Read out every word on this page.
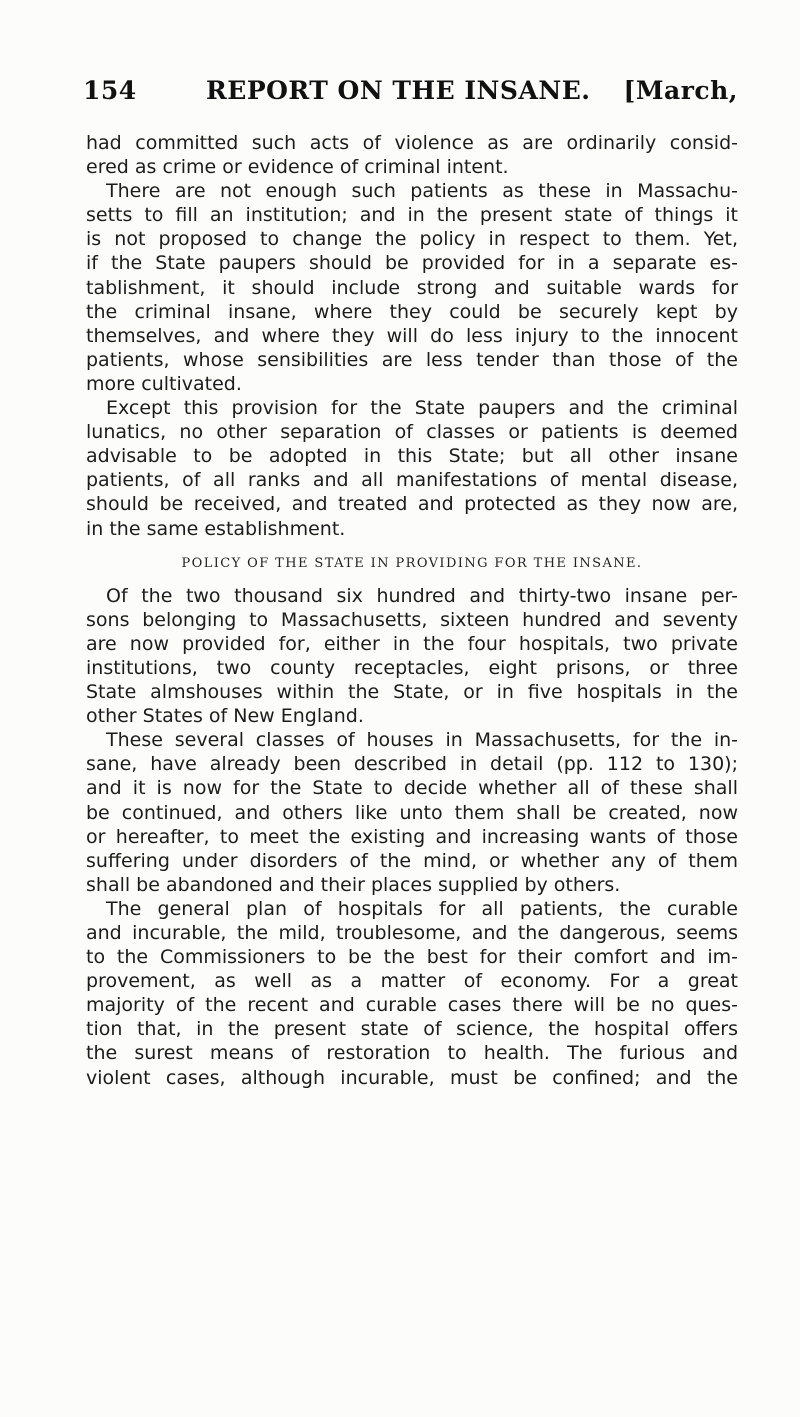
154	REPORT ON THE INSANE. [March,

had committed such acts of violence as are ordinarily consid-

ered as crime or evidence of criminal intent.

There are not enough such patients as these in Massachu-

setts to fill an institution; and in the present state of things it

is not proposed to change the policy in respect to them. Yet,

if the State paupers should be provided for in a separate es-

tablishment, it should include strong and suitable wards for

the criminal insane, where they could be securely kept by

themselves, and where they will do less injury to the innocent

patients, whose sensibilities are less tender than those of the

more cultivated.

Except this provision for the State paupers and the criminal

lunatics, no other separation of classes or patients is deemed

advisable to be adopted in this State; but all other insane

patients, of all ranks and all manifestations of mental disease,

should be received, and treated and protected as they now are,

in the same establishment.

POLICY OF THE STATE IN PROVIDING FOR THE INSANE.

Of the two thousand six hundred and thirty-two insane per-

sons belonging to Massachusetts, sixteen hundred and seventy

are now provided for, either in the four hospitals, two private

institutions, two county receptacles, eight prisons, or three

State almshouses within the State, or in five hospitals in the

other States of New England.

These several classes of houses in Massachusetts, for the in-

sane, have already been described in detail (pp. 112 to 130);

and it is now for the State to decide whether all of these shall

be continued, and others like unto them shall be created, now

or hereafter, to meet the existing and increasing wants of those

suffering under disorders of the mind, or whether any of them

shall be abandoned and their places supplied by others.

The general plan of hospitals for all patients, the curable

and incurable, the mild, troublesome, and the dangerous, seems

to the Commissioners to be the best for their comfort and im-

provement, as well as a matter of economy. For a great

majority of the recent and curable cases there will be no ques-

tion that, in the present state of science, the hospital offers

the surest means of restoration to health. The furious and

violent cases, although incurable, must be confined; and the
